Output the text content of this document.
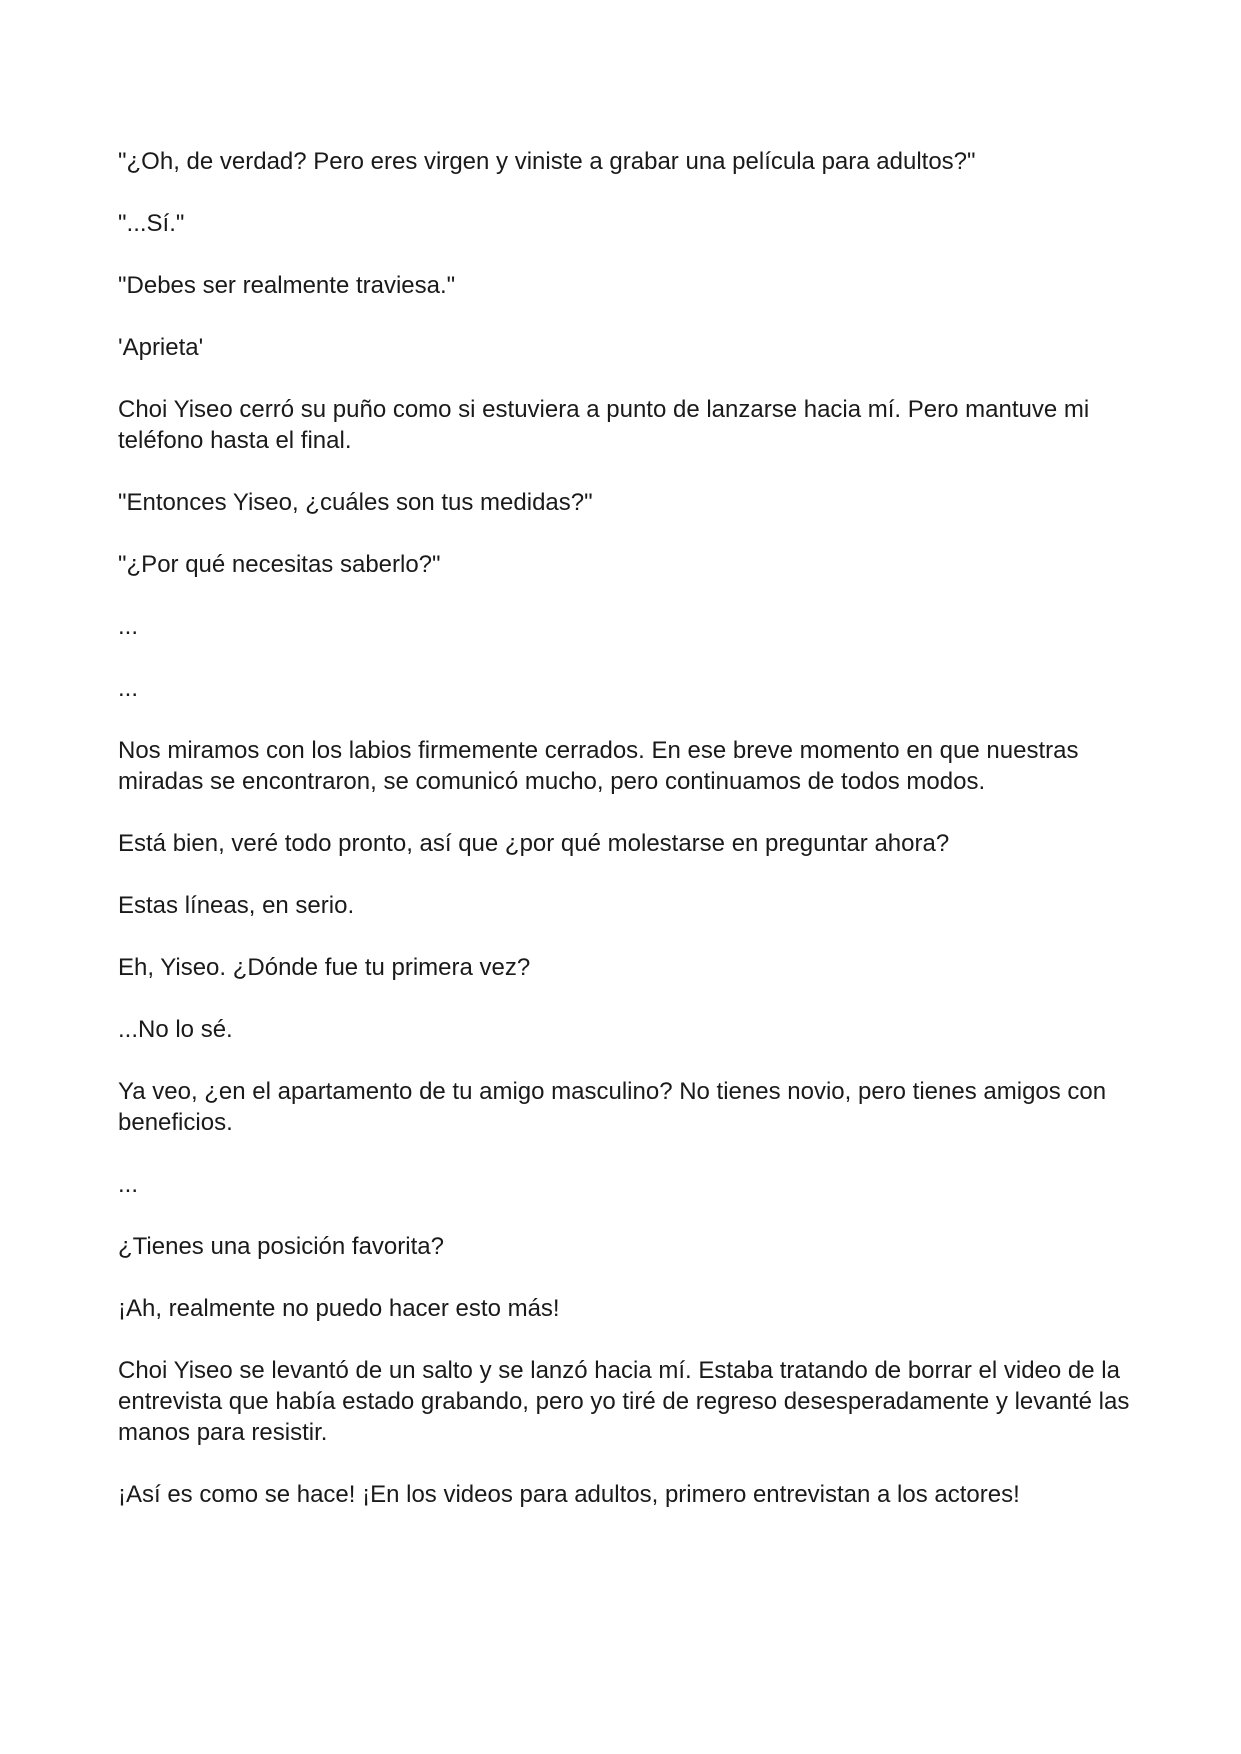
"¿Oh, de verdad? Pero eres virgen y viniste a grabar una película para adultos?"

"...Sí."

"Debes ser realmente traviesa."

'Aprieta'

Choi Yiseo cerró su puño como si estuviera a punto de lanzarse hacia mí. Pero mantuve mi teléfono hasta el final.

"Entonces Yiseo, ¿cuáles son tus medidas?"

"¿Por qué necesitas saberlo?"

...

...

Nos miramos con los labios firmemente cerrados. En ese breve momento en que nuestras miradas se encontraron, se comunicó mucho, pero continuamos de todos modos.

Está bien, veré todo pronto, así que ¿por qué molestarse en preguntar ahora?

Estas líneas, en serio.

Eh, Yiseo. ¿Dónde fue tu primera vez?

...No lo sé.

Ya veo, ¿en el apartamento de tu amigo masculino? No tienes novio, pero tienes amigos con beneficios.

...

¿Tienes una posición favorita?

¡Ah, realmente no puedo hacer esto más!

Choi Yiseo se levantó de un salto y se lanzó hacia mí. Estaba tratando de borrar el video de la entrevista que había estado grabando, pero yo tiré de regreso desesperadamente y levanté las manos para resistir.

¡Así es como se hace! ¡En los videos para adultos, primero entrevistan a los actores!
